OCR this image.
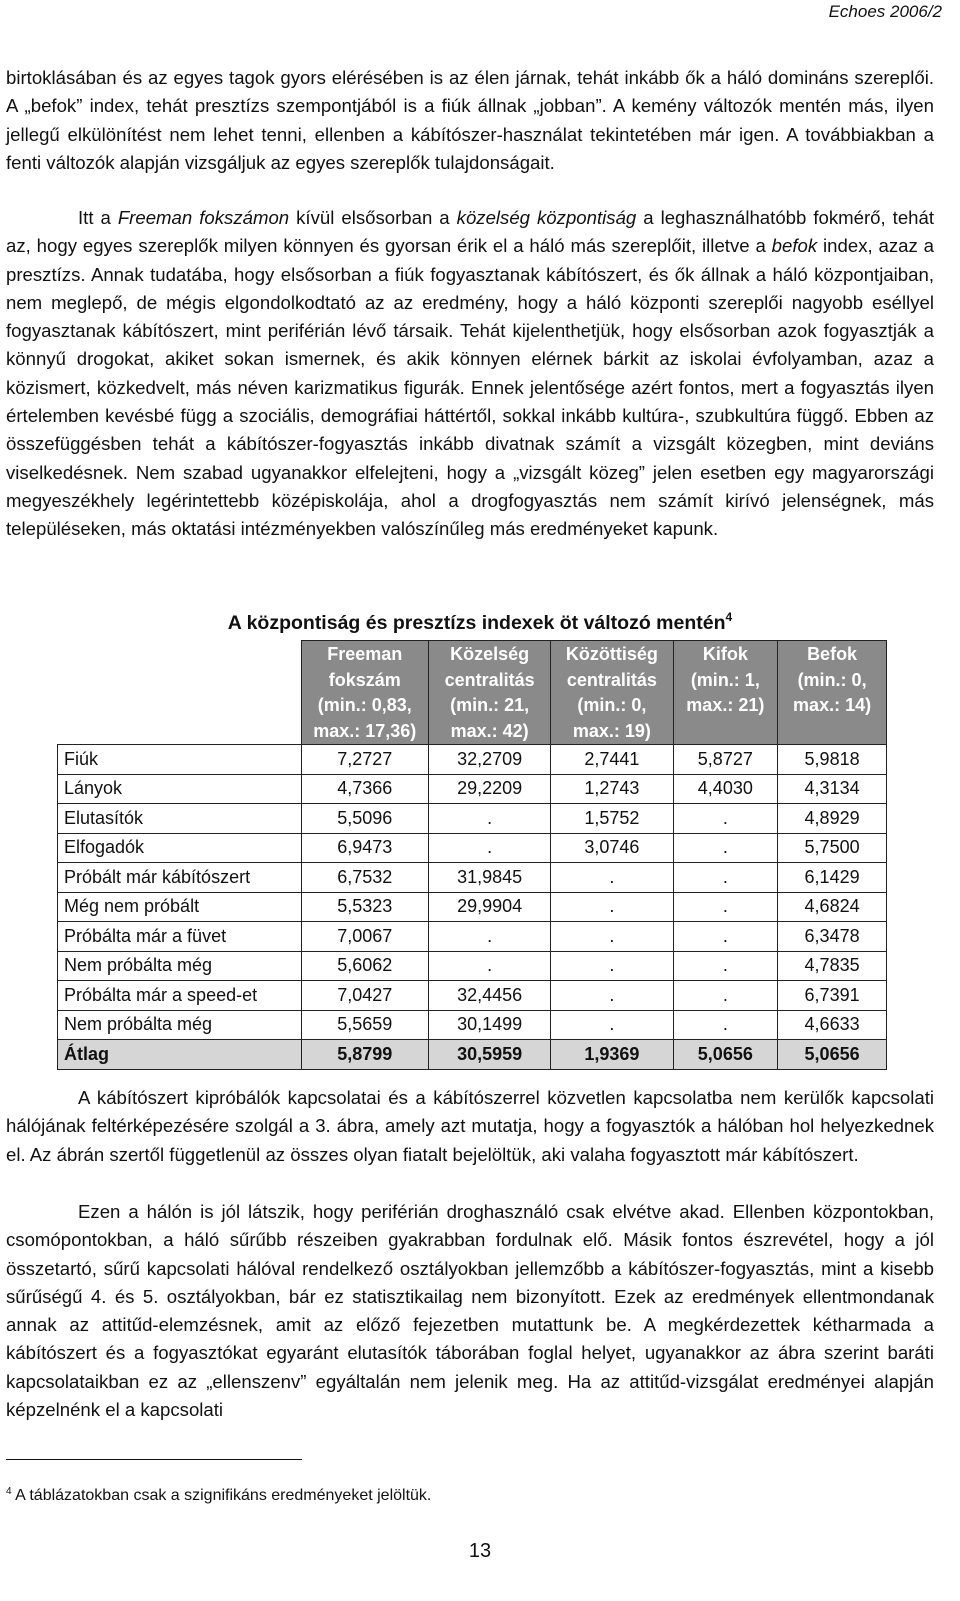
Echoes 2006/2

birtoklásában és az egyes tagok gyors elérésében is az élen járnak, tehát inkább ők a háló domináns szereplői. A „befok” index, tehát presztízs szempontjából is a fiúk állnak „jobban”. A kemény változók mentén más, ilyen jellegű elkülönítést nem lehet tenni, ellenben a kábítószer-használat tekintetében már igen. A továbbiakban a fenti változók alapján vizsgáljuk az egyes szereplők tulajdonságait.

Itt a Freeman fokszámon kívül elsősorban a közelség központiság a leghasználhatóbb fokmérő, tehát az, hogy egyes szereplők milyen könnyen és gyorsan érik el a háló más szereplőit, illetve a befok index, azaz a presztízs. Annak tudatába, hogy elsősorban a fiúk fogyasztanak kábítószert, és ők állnak a háló központjaiban, nem meglepő, de mégis elgondolkodtató az az eredmény, hogy a háló központi szereplői nagyobb eséllyel fogyasztanak kábítószert, mint periférián lévő társaik. Tehát kijelenthetjük, hogy elsősorban azok fogyasztják a könnyű drogokat, akiket sokan ismernek, és akik könnyen elérnek bárkit az iskolai évfolyamban, azaz a közismert, közkedvelt, más néven karizmatikus figurák. Ennek jelentősége azért fontos, mert a fogyasztás ilyen értelemben kevésbé függ a szociális, demográfiai háttértől, sokkal inkább kultúra-, szubkultúra függő. Ebben az összefüggésben tehát a kábítószer-fogyasztás inkább divatnak számít a vizsgált közegben, mint deviáns viselkedésnek. Nem szabad ugyanakkor elfelejteni, hogy a „vizsgált közeg” jelen esetben egy magyarországi megyeszékhely legérintettebb középiskolája, ahol a drogfogyasztás nem számít kirívó jelenségnek, más településeken, más oktatási intézményekben valószínűleg más eredményeket kapunk.

A központiság és presztízs indexek öt változó mentén$^4$
	Freeman fokszám (min.: 0,83, max.: 17,36)	Közelség centralitás (min.: 21, max.: 42)	Közöttiség centralitás (min.: 0, max.: 19)	Kifok (min.: 1, max.: 21)	Befok (min.: 0, max.: 14)
Fiúk	7,2727	32,2709	2,7441	5,8727	5,9818
Lányok	4,7366	29,2209	1,2743	4,4030	4,3134
Elutasítók	5,5096	.	1,5752	.	4,8929
Elfogadók	6,9473	.	3,0746	.	5,7500
Próbált már kábítószert	6,7532	31,9845	.	.	6,1429
Még nem próbált	5,5323	29,9904	.	.	4,6824
Próbálta már a füvet	7,0067	.	.	.	6,3478
Nem próbálta még	5,6062	.	.	.	4,7835
Próbálta már a speed-et	7,0427	32,4456	.	.	6,7391
Nem próbálta még	5,5659	30,1499	.	.	4,6633
Átlag	5,8799	30,5959	1,9369	5,0656	5,0656
A kábítószert kipróbálók kapcsolatai és a kábítószerrel közvetlen kapcsolatba nem kerülők kapcsolati hálójának feltérképezésére szolgál a 3. ábra, amely azt mutatja, hogy a fogyasztók a hálóban hol helyezkednek el. Az ábrán szertől függetlenül az összes olyan fiatalt bejelöltük, aki valaha fogyasztott már kábítószert.
Ezen a hálón is jól látszik, hogy periférián droghasználó csak elvétve akad. Ellenben központokban, csomópontokban, a háló sűrűbb részeiben gyakrabban fordulnak elő. Másik fontos észrevétel, hogy a jól összetartó, sűrű kapcsolati hálóval rendelkező osztályokban jellemzőbb a kábítószer-fogyasztás, mint a kisebb sűrűségű 4. és 5. osztályokban, bár ez statisztikailag nem bizonyított. Ezek az eredmények ellentmondanak annak az attitűd-elemzésnek, amit az előző fejezetben mutattunk be. A megkérdezettek kétharmada a kábítószert és a fogyasztókat egyaránt elutasítók táborában foglal helyet, ugyanakkor az ábra szerint baráti kapcsolataikban ez az „ellenszenv” egyáltalán nem jelenik meg. Ha az attitűd-vizsgálat eredményei alapján képzelnénk el a kapcsolati
$^4$ A táblázatokban csak a szignifikáns eredményeket jelöltük.
13
